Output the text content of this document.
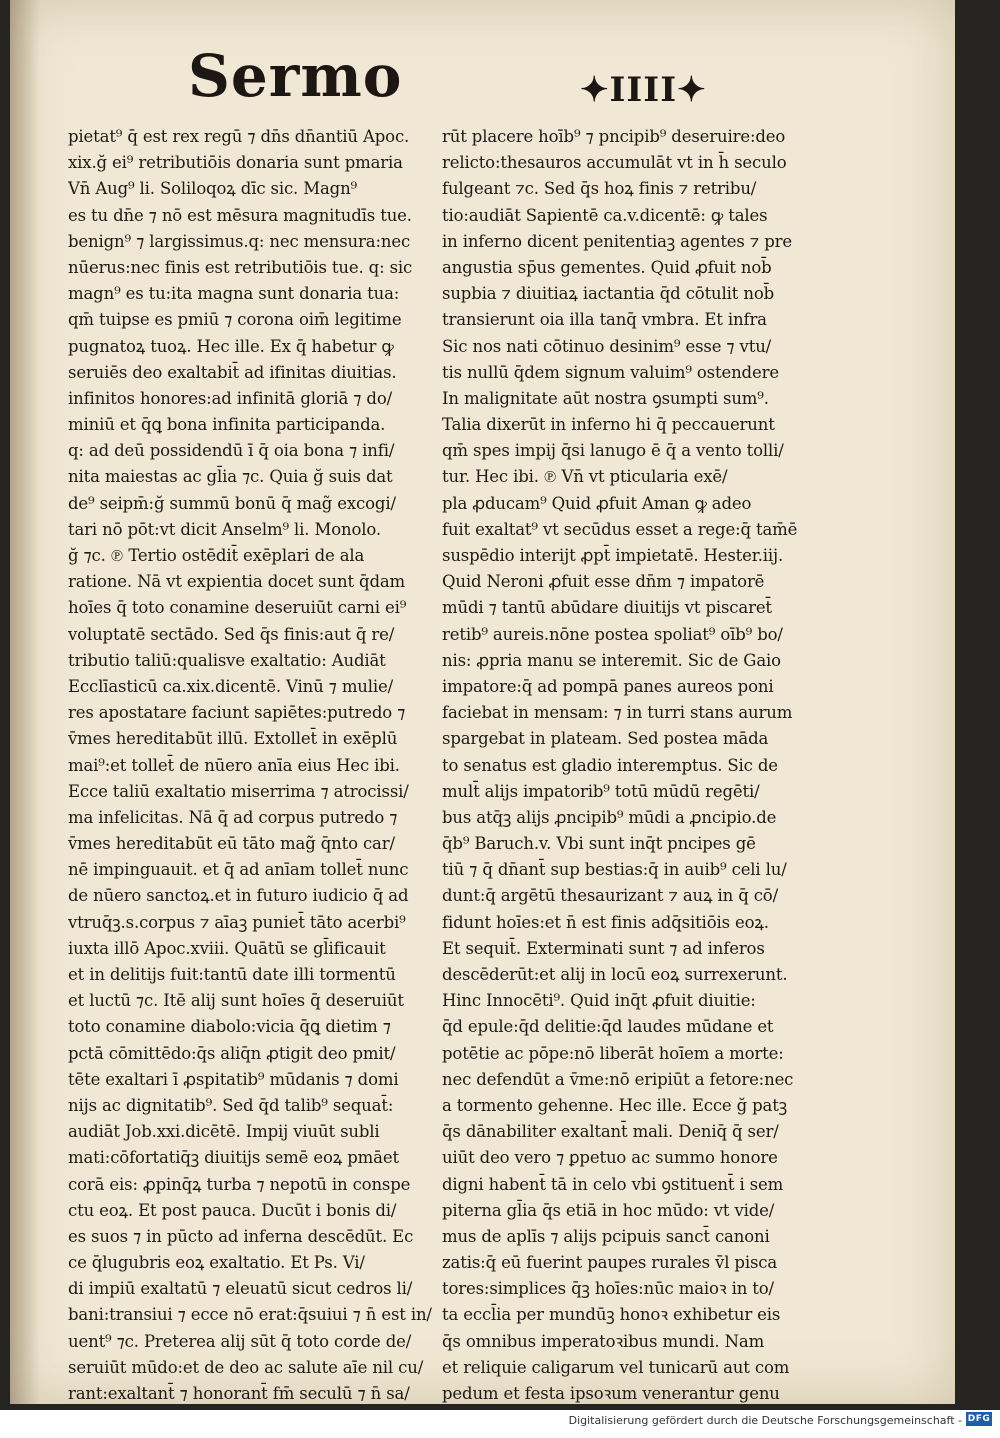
Sermo	✦IIII✦
pietat⁹ q̄ est rex regū ⁊ dn̄s dn̄antiū Apoc.
xix.ğ ei⁹ retributiōis donaria sunt pmaria
Vn̄ Aug⁹ li. Soliloqoꝝ dīc sic. Magn⁹
es tu dn̄e ⁊ nō est mēsura magnitudīs tue.
benign⁹ ⁊ largissimus.q: nec mensura:nec
nūerus:nec finis est retributiōis tue. q: sic
magn⁹ es tu:ita magna sunt donaria tua:
qm̄ tuipse es pmiū ⁊ corona oim̄ legitime
pugnatoꝝ tuoꝝ. Hec ille. Ex q̄ habetur ꝙ
seruiēs deo exaltabit̄ ad ifinitas diuitias.
infinitos honores:ad infinitā gloriā ⁊ do/
miniū et q̄ꝗ bona infinita participanda.
q: ad deū possidendū ī q̄ oia bona ⁊ infi/
nita maiestas ac gl̄ia ⁊c. Quia ğ suis dat
de⁹ seipm̄:ğ summū bonū q̄ mag̃ excogi/
tari nō pōt:vt dicit Anselm⁹ li. Monolo.
ğ ⁊c. ℗ Tertio ostēdit̄ exēplari de ala
ratione. Nā vt expientia docet sunt q̄dam
hoīes q̄ toto conamine deseruiūt carni ei⁹
voluptatē sectādo. Sed q̄s finis:aut q̄ re/
tributio taliū:qualisve exaltatio: Audiāt
Ecclīasticū ca.xix.dicentē. Vinū ⁊ mulie/
res apostatare faciunt sapiētes:putredo ⁊
v̄mes hereditabūt illū. Extollet̄ in exēplū
mai⁹:et tollet̄ de nūero anīa eius Hec ibi.
Ecce taliū exaltatio miserrima ⁊ atrocissi/
ma infelicitas. Nā q̄ ad corpus putredo ⁊
v̄mes hereditabūt eū tāto mag̃ q̄nto car/
nē impinguauit. et q̄ ad anīam tollet̄ nunc
de nūero sanctoꝝ.et in futuro iudicio q̄ ad
vtruq̄ꝫ.s.corpus ⁊ aīaꝫ puniet̄ tāto acerbi⁹
iuxta illō Apoc.xviii. Quātū se gl̄ificauit
et in delitijs fuit:tantū date illi tormentū
et luctū ⁊c. Itē alij sunt hoīes q̄ deseruiūt
toto conamine diabolo:vicia q̄ꝗ dietim ⁊
pctā cōmittēdo:q̄s aliq̄n ꝓtigit deo pmit/
tēte exaltari ī ꝓspitatib⁹ mūdanis ⁊ domi
nijs ac dignitatib⁹. Sed q̄d talib⁹ sequat̄:
audiāt Job.xxi.dicētē. Impij viuūt subli
mati:cōfortatiq̄ꝫ diuitijs semē eoꝝ pmāet
corā eis: ꝓpinq̄ꝝ turba ⁊ nepotū in conspe
ctu eoꝝ. Et post pauca. Ducūt i bonis di/
es suos ⁊ in pūcto ad inferna descēdūt. Ec
ce q̄lugubris eoꝝ exaltatio. Et Ps. Vi/
di impiū exaltatū ⁊ eleuatū sicut cedros li/
bani:transiui ⁊ ecce nō erat:q̄suiui ⁊ n̄ est in/
uent⁹ ⁊c. Preterea alij sūt q̄ toto corde de/
seruiūt mūdo:et de deo ac salute aīe nil cu/
rant:exaltant̄ ⁊ honorant̄ fm̄ seculū ⁊ n̄ sa/
rūt placere hoīb⁹ ⁊ pncipib⁹ deseruire:deo
relicto:thesauros accumulāt vt in h̄ seculo
fulgeant ⁊c. Sed q̄s hoꝝ finis ⁊ retribu/
tio:audiāt Sapientē ca.v.dicentē: ꝙ tales
in inferno dicent penitentiaꝫ agentes ⁊ pre
angustia sp̄us gementes. Quid ꝓfuit nob̄
supbia ⁊ diuitiaꝝ iactantia q̄d cōtulit nob̄
transierunt oia illa tanq̄ vmbra. Et infra
Sic nos nati cōtinuo desinim⁹ esse ⁊ vtu/
tis nullū q̄dem signum valuim⁹ ostendere
In malignitate aūt nostra ꝯsumpti sum⁹.
Talia dixerūt in inferno hi q̄ peccauerunt
qm̄ spes impij q̄si lanugo ē q̄ a vento tolli/
tur. Hec ibi. ℗ Vn̄ vt pticularia exē/
pla ꝓducam⁹ Quid ꝓfuit Aman ꝙ adeo
fuit exaltat⁹ vt secūdus esset a rege:q̄ tam̄ē
suspēdio interijt ꝓpt̄ impietatē. Hester.iij.
Quid Neroni ꝓfuit esse dn̄m ⁊ impatorē
mūdi ⁊ tantū abūdare diuitijs vt piscaret̄
retib⁹ aureis.nōne postea spoliat⁹ oīb⁹ bo/
nis: ꝓpria manu se interemit. Sic de Gaio
impatore:q̄ ad pompā panes aureos poni
faciebat in mensam: ⁊ in turri stans aurum
spargebat in plateam. Sed postea māda
to senatus est gladio interemptus. Sic de
mult̄ alijs impatorib⁹ totū mūdū regēti/
bus atq̄ꝫ alijs ꝓncipib⁹ mūdi a ꝓncipio.de
q̄b⁹ Baruch.v. Vbi sunt inq̄t pncipes gē
tiū ⁊ q̄ dn̄ant̄ sup bestias:q̄ in auib⁹ celi lu/
dunt:q̄ argētū thesaurizant ⁊ auꝝ in q̄ cō/
fidunt hoīes:et n̄ est finis adq̄sitiōis eoꝝ.
Et sequit̄. Exterminati sunt ⁊ ad inferos
descēderūt:et alij in locū eoꝝ surrexerunt.
Hinc Innocēti⁹. Quid inq̄t ꝓfuit diuitie:
q̄d epule:q̄d delitie:q̄d laudes mūdane et
potētie ac pōpe:nō liberāt hoīem a morte:
nec defendūt a v̄me:nō eripiūt a fetore:nec
a tormento gehenne. Hec ille. Ecce ğ patꝫ
q̄s dānabiliter exaltant̄ mali. Deniq̄ q̄ ser/
uiūt deo vero ⁊ ꝑpetuo ac summo honore
digni habent̄ tā in celo vbi ꝯstituent̄ i sem
piterna gl̄ia q̄s etiā in hoc mūdo: vt vide/
mus de aplīs ⁊ alijs pcipuis sanct̄ canoni
zatis:q̄ eū fuerint paupes rurales v̄l pisca
tores:simplices q̄ꝫ hoīes:nūc maioꝛ in to/
ta eccl̄ia per mundūꝫ honoꝛ exhibetur eis
q̄s omnibus imperatoꝛibus mundi. Nam
et reliquie caligarum vel tunicarū aut com
pedum et festa ipsoꝛum venerantur genu
Digitalisierung gefördert durch die Deutsche Forschungsgemeinschaft - DFG
